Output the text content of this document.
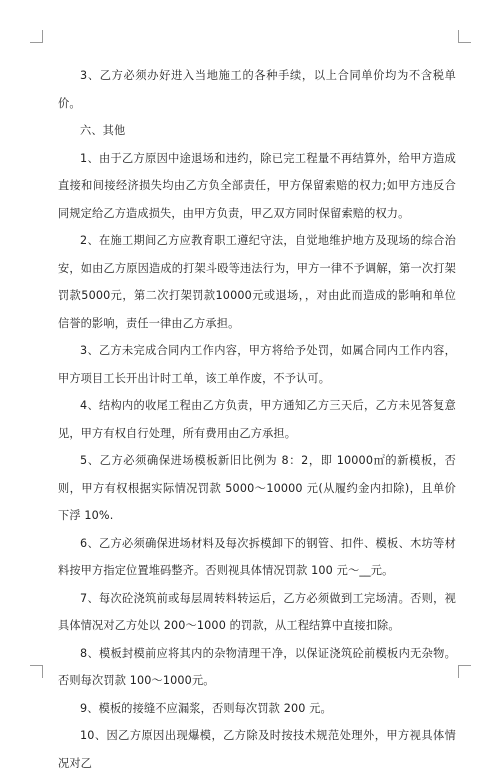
3、乙方必须办好进入当地施工的各种手续，以上合同单价均为不含税单价。

六、其他

1、由于乙方原因中途退场和违约，除已完工程量不再结算外，给甲方造成直接和间接经济损失均由乙方负全部责任，甲方保留索赔的权力;如甲方违反合同规定给乙方造成损失，由甲方负责，甲乙双方同时保留索赔的权力。

2、在施工期间乙方应教育职工遵纪守法，自觉地维护地方及现场的综合治安，如由乙方原因造成的打架斗殴等违法行为，甲方一律不予调解，第一次打架罚款5000元，第二次打架罚款10000元或退场，，对由此而造成的影响和单位信誉的影响，责任一律由乙方承担。

3、乙方未完成合同内工作内容，甲方将给予处罚，如属合同内工作内容，甲方项目工长开出计时工单，该工单作废，不予认可。

4、结构内的收尾工程由乙方负责，甲方通知乙方三天后，乙方未见答复意见，甲方有权自行处理，所有费用由乙方承担。

5、乙方必须确保进场模板新旧比例为 8：2，即 10000㎡的新模板，否则，甲方有权根据实际情况罚款 5000～10000 元(从履约金内扣除)，且单价下浮 10%.

6、乙方必须确保进场材料及每次拆模卸下的钢管、扣件、模板、木坊等材料按甲方指定位置堆码整齐。否则视具体情况罚款 100 元～__元。

7、每次砼浇筑前或每层周转料转运后，乙方必须做到工完场清。否则，视具体情况对乙方处以 200～1000 的罚款，从工程结算中直接扣除。

8、模板封模前应将其内的杂物清理干净，以保证浇筑砼前模板内无杂物。否则每次罚款 100～1000元。

9、模板的接缝不应漏浆，否则每次罚款 200 元。

10、因乙方原因出现爆模，乙方除及时按技术规范处理外，甲方视具体情况对乙
